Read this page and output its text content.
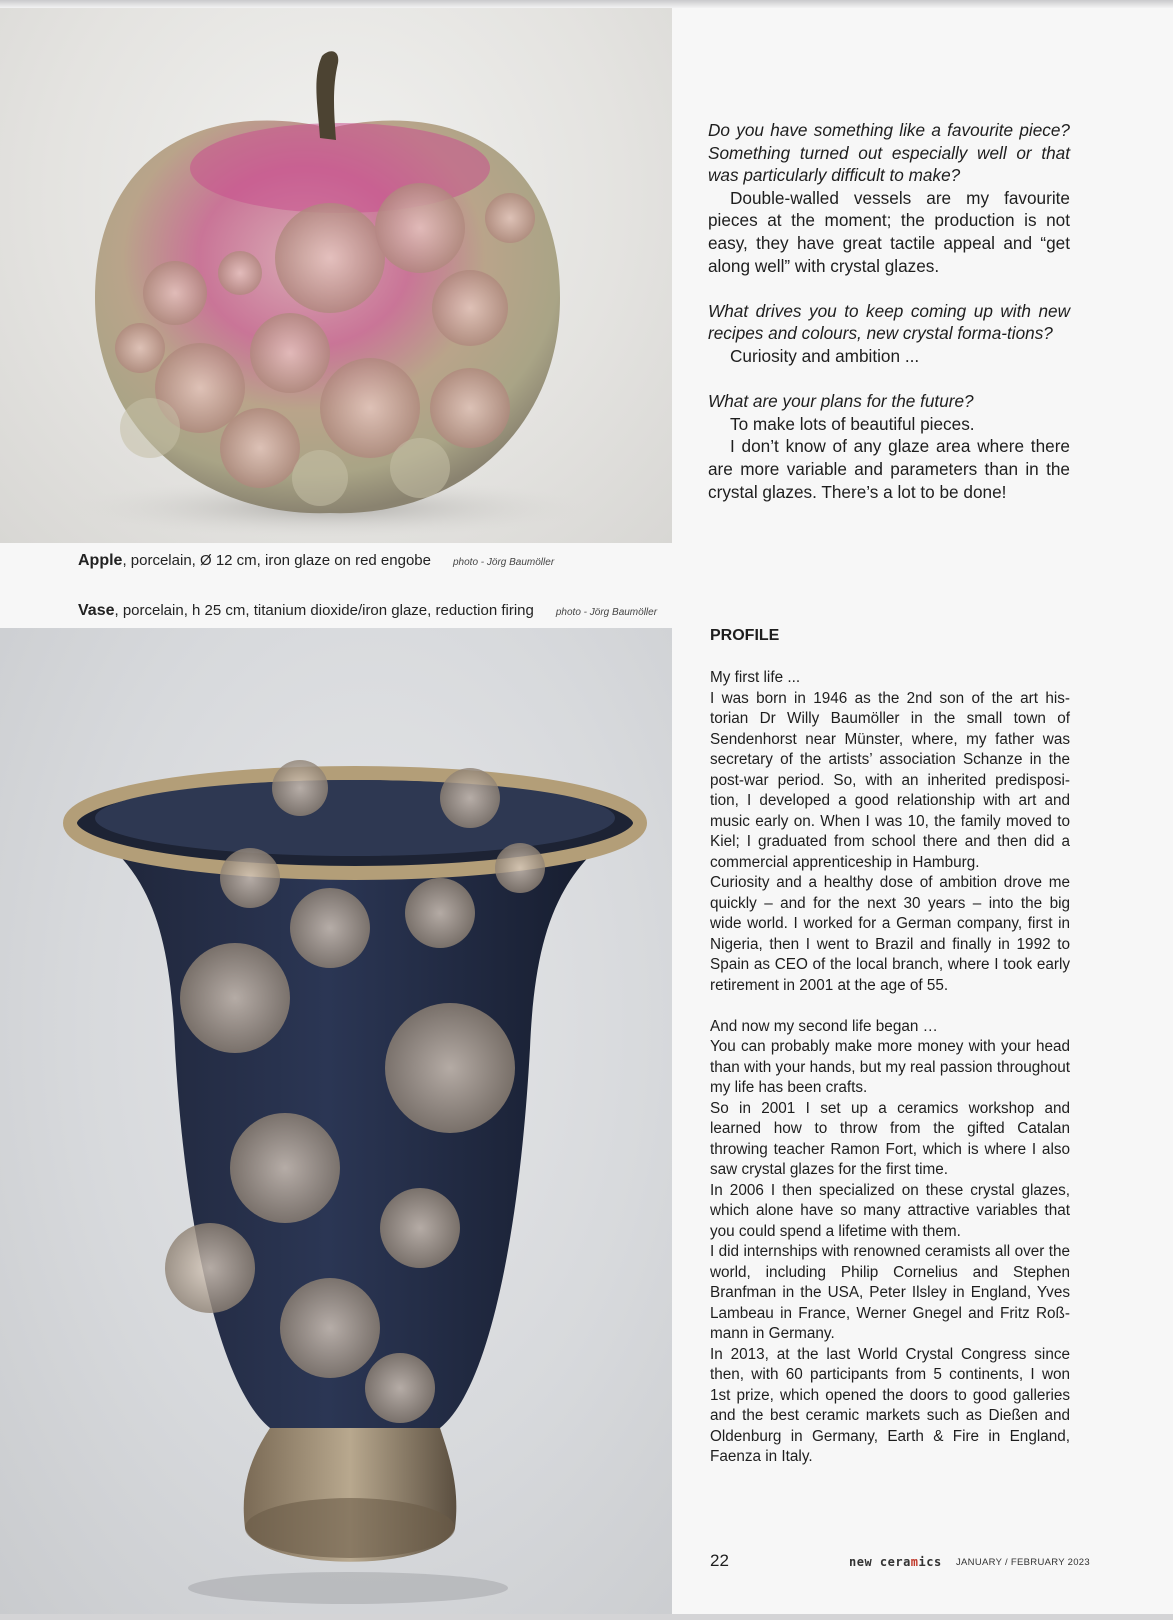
Apple, porcelain, Ø 12 cm, iron glaze on red engobe photo - Jörg Baumöller
Vase, porcelain, h 25 cm, titanium dioxide/iron glaze, reduction firing photo - Jörg Baumöller

Do you have something like a favourite piece? Something turned out especially well or that was particularly difficult to make?

Double-walled vessels are my favourite pieces at the moment; the production is not easy, they have great tactile appeal and “get along well” with crystal glazes.

What drives you to keep coming up with new recipes and colours, new crystal forma-tions?

Curiosity and ambition ...

What are your plans for the future?

To make lots of beautiful pieces.

I don’t know of any glaze area where there are more variable and parameters than in the crystal glazes. There’s a lot to be done!

PROFILE

My first life ...

I was born in 1946 as the 2nd son of the art his-torian Dr Willy Baumöller in the small town of Sendenhorst near Münster, where, my father was secretary of the artists’ association Schanze in the post-war period. So, with an inherited predisposi-tion, I developed a good relationship with art and music early on. When I was 10, the family moved to Kiel; I graduated from school there and then did a commercial apprenticeship in Hamburg.

Curiosity and a healthy dose of ambition drove me quickly – and for the next 30 years – into the big wide world. I worked for a German company, first in Nigeria, then I went to Brazil and finally in 1992 to Spain as CEO of the local branch, where I took early retirement in 2001 at the age of 55.

And now my second life began …

You can probably make more money with your head than with your hands, but my real passion throughout my life has been crafts.

So in 2001 I set up a ceramics workshop and learned how to throw from the gifted Catalan throwing teacher Ramon Fort, which is where I also saw crystal glazes for the first time.

In 2006 I then specialized on these crystal glazes, which alone have so many attractive variables that you could spend a lifetime with them.

I did internships with renowned ceramists all over the world, including Philip Cornelius and Stephen Branfman in the USA, Peter Ilsley in England, Yves Lambeau in France, Werner Gnegel and Fritz Roß-mann in Germany.

In 2013, at the last World Crystal Congress since then, with 60 participants from 5 continents, I won 1st prize, which opened the doors to good galleries and the best ceramic markets such as Dießen and Oldenburg in Germany, Earth & Fire in England, Faenza in Italy.

22	new ceramics JANUARY / FEBRUARY 2023
